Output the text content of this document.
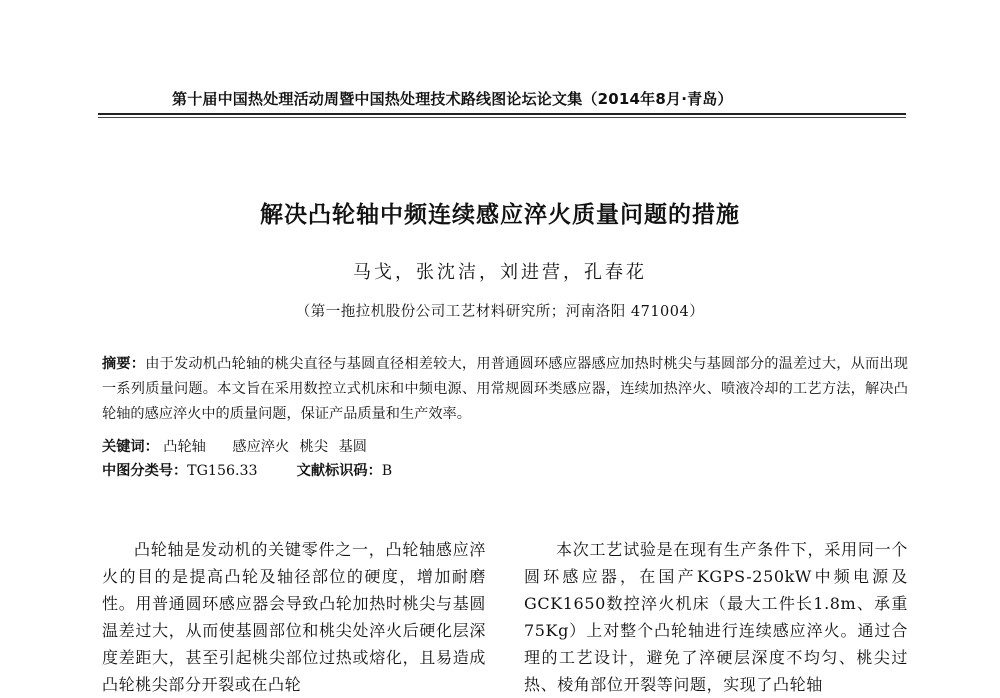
第十届中国热处理活动周暨中国热处理技术路线图论坛论文集（2014年8月·青岛）
解决凸轮轴中频连续感应淬火质量问题的措施
马戈，张沈洁，刘进营，孔春花
（第一拖拉机股份公司工艺材料研究所；河南洛阳 471004）
摘要：由于发动机凸轮轴的桃尖直径与基圆直径相差较大，用普通圆环感应器感应加热时桃尖与基圆部分的温差过大，从而出现一系列质量问题。本文旨在采用数控立式机床和中频电源、用常规圆环类感应器，连续加热淬火、喷液冷却的工艺方法，解决凸轮轴的感应淬火中的质量问题，保证产品质量和生产效率。
关键词： 凸轮轴 感应淬火 桃尖 基圆
中图分类号：TG156.33	文献标识码：B

凸轮轴是发动机的关键零件之一，凸轮轴感应淬火的目的是提高凸轮及轴径部位的硬度，增加耐磨性。用普通圆环感应器会导致凸轮加热时桃尖与基圆温差过大，从而使基圆部位和桃尖处淬火后硬化层深度差距大，甚至引起桃尖部位过热或熔化，且易造成凸轮桃尖部分开裂或在凸轮

本次工艺试验是在现有生产条件下，采用同一个圆环感应器，在国产KGPS-250kW中频电源及GCK1650数控淬火机床（最大工件长1.8m、承重75Kg）上对整个凸轮轴进行连续感应淬火。通过合理的工艺设计，避免了淬硬层深度不均匀、桃尖过热、棱角部位开裂等问题，实现了凸轮轴
